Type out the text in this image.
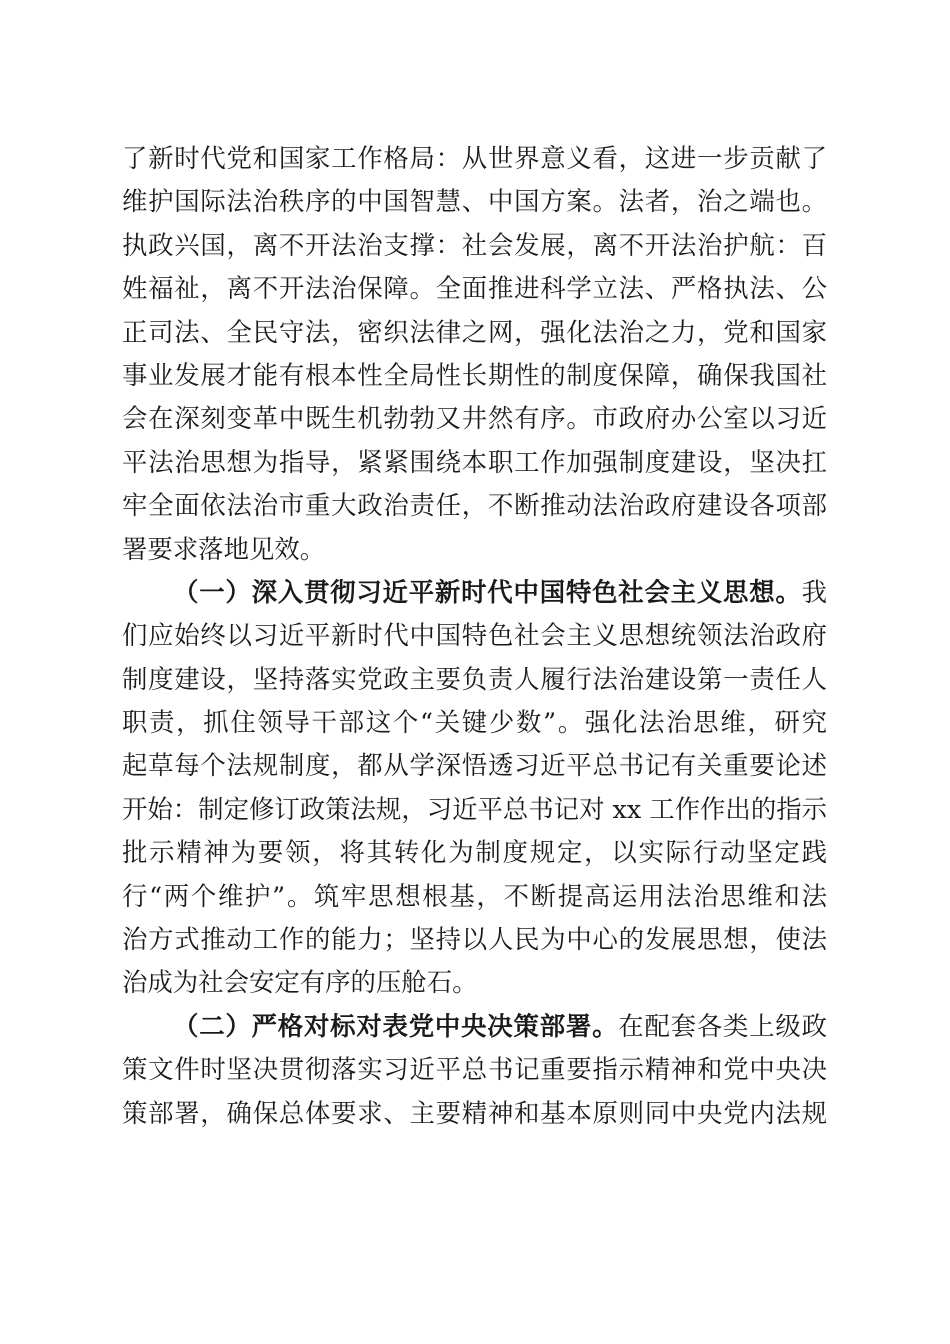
了新时代党和国家工作格局：从世界意义看，这进一步贡献了
维护国际法治秩序的中国智慧、中国方案。法者，治之端也。
执政兴国，离不开法治支撑：社会发展，离不开法治护航：百
姓福祉，离不开法治保障。全面推进科学立法、严格执法、公
正司法、全民守法，密织法律之网，强化法治之力，党和国家
事业发展才能有根本性全局性长期性的制度保障，确保我国社
会在深刻变革中既生机勃勃又井然有序。市政府办公室以习近
平法治思想为指导，紧紧围绕本职工作加强制度建设，坚决扛
牢全面依法治市重大政治责任，不断推动法治政府建设各项部
署要求落地见效。
（一）深入贯彻习近平新时代中国特色社会主义思想。我
们应始终以习近平新时代中国特色社会主义思想统领法治政府
制度建设，坚持落实党政主要负责人履行法治建设第一责任人
职责，抓住领导干部这个“关键少数”。强化法治思维，研究
起草每个法规制度，都从学深悟透习近平总书记有关重要论述
开始：制定修订政策法规，习近平总书记对 xx 工作作出的指示
批示精神为要领，将其转化为制度规定，以实际行动坚定践
行“两个维护”。筑牢思想根基，不断提高运用法治思维和法
治方式推动工作的能力；坚持以人民为中心的发展思想，使法
治成为社会安定有序的压舱石。
（二）严格对标对表党中央决策部署。在配套各类上级政
策文件时坚决贯彻落实习近平总书记重要指示精神和党中央决
策部署，确保总体要求、主要精神和基本原则同中央党内法规
